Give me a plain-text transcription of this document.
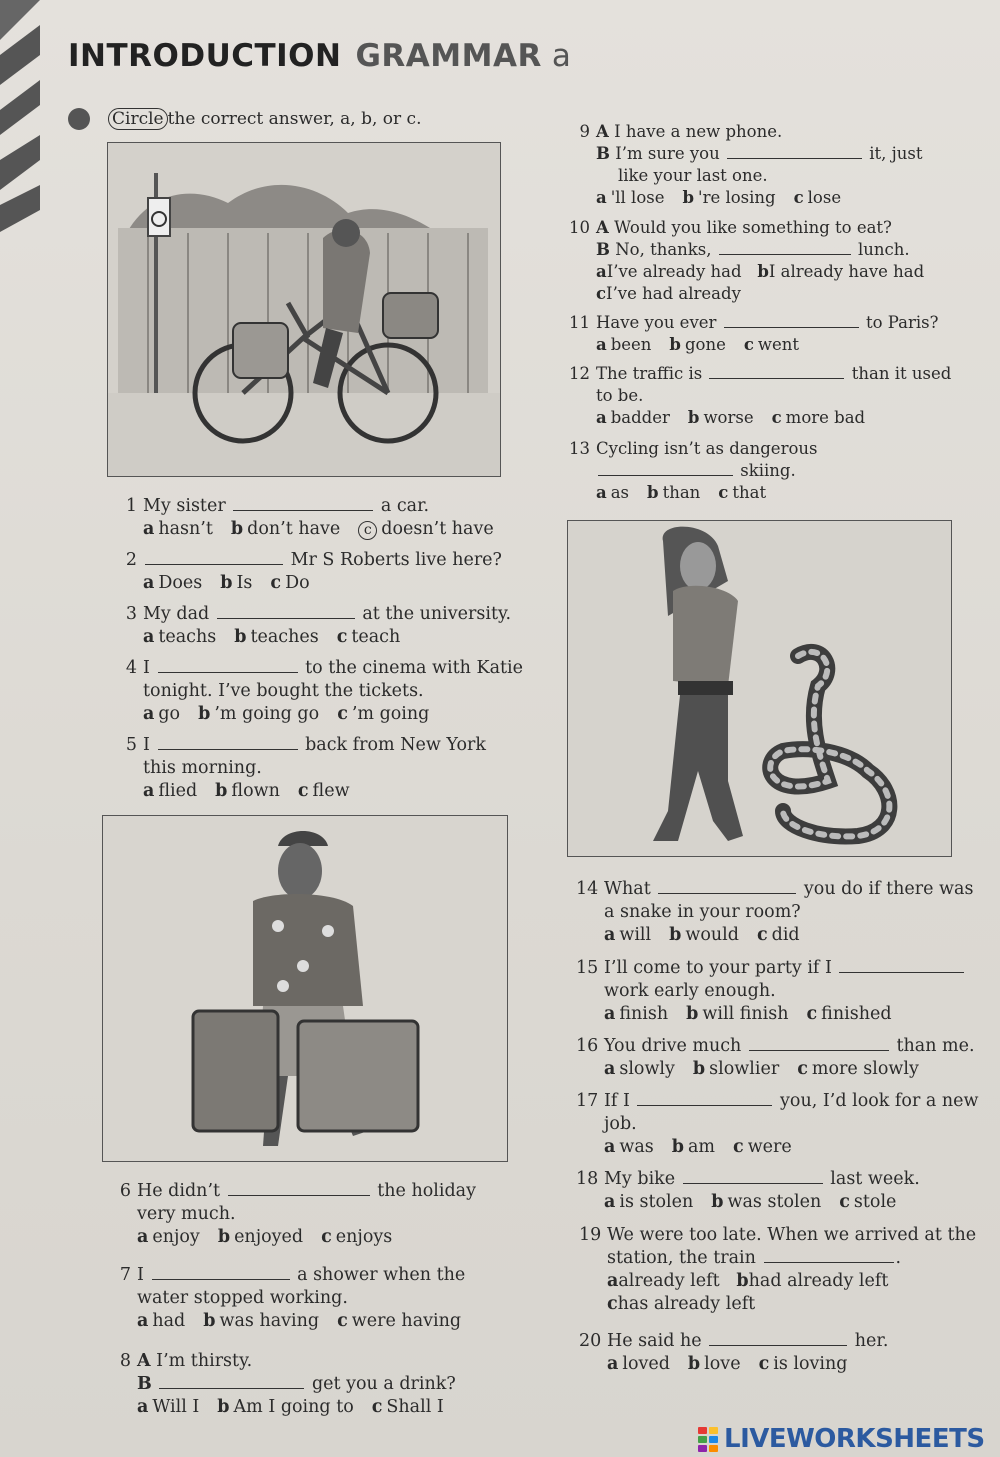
INTRODUCTION GRAMMAR a
Circle the correct answer, a, b, or c.
1 My sister	a car.
a hasn’t b don’t have c doesn’t have
2	Mr S Roberts live here?
a Does b Is c Do
3 My dad	at the university.
a teachs b teaches c teach
4 I	to the cinema with Katie
tonight. I’ve bought the tickets.
a go b ’m going go c ’m going
5 I	back from New York
this morning.
a flied b flown c flew
6 He didn’t	the holiday
very much.
a enjoy b enjoyed c enjoys
7 I	a shower when the
water stopped working.
a had b was having c were having
8 A I’m thirsty.
B	get you a drink?
a Will I b Am I going to c Shall I
9 A I have a new phone.
B I’m sure you	it, just
like your last one.
a 'll lose b 're losing c lose
10 A Would you like something to eat?
B No, thanks,	lunch.
aI’ve already had bI already have had
cI’ve had already
11 Have you ever	to Paris?
a been b gone c went
12 The traffic is	than it used
to be.
a badder b worse c more bad
13 Cycling isn’t as dangerous
skiing.
a as b than c that
14 What	you do if there was
a snake in your room?
a will b would c did
15 I’ll come to your party if I
work early enough.
a finish b will finish c finished
16 You drive much	than me.
a slowly b slowlier c more slowly
17 If I	you, I’d look for a new
job.
a was b am c were
18 My bike	last week.
a is stolen b was stolen c stole
19 We were too late. When we arrived at the
station, the train	.
aalready left bhad already left
chas already left
20 He said he	her.
a loved b love c is loving
LIVEWORKSHEETS
